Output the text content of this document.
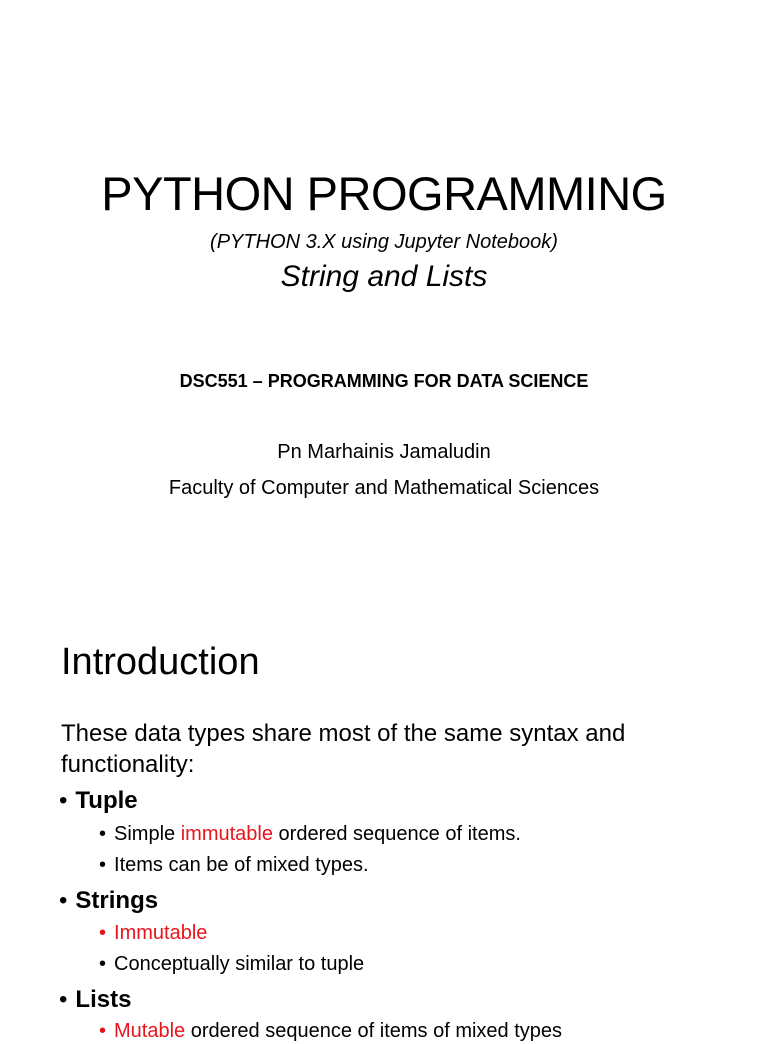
PYTHON PROGRAMMING
(PYTHON 3.X using Jupyter Notebook)
String and Lists
DSC551 – PROGRAMMING FOR DATA SCIENCE
Pn Marhainis Jamaludin
Faculty of Computer and Mathematical Sciences
Introduction
These data types share most of the same syntax and functionality:
• Tuple
• Simple immutable ordered sequence of items.
• Items can be of mixed types.
• Strings
• Immutable
• Conceptually similar to tuple
• Lists
• Mutable ordered sequence of items of mixed types
